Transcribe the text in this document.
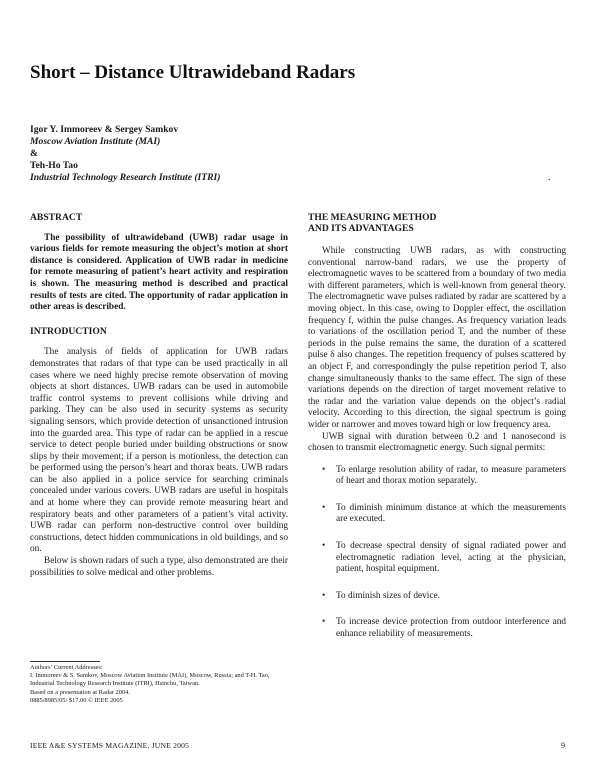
Short – Distance Ultrawideband Radars
Igor Y. Immoreev & Sergey Samkov
Moscow Aviation Institute (MAI)
&
Teh-Ho Tao
Industrial Technology Research Institute (ITRI)	.
ABSTRACT

The possibility of ultrawideband (UWB) radar usage in various fields for remote measuring the object’s motion at short distance is considered. Application of UWB radar in medicine for remote measuring of patient’s heart activity and respiration is shown. The measuring method is described and practical results of tests are cited. The opportunity of radar application in other areas is described.

INTRODUCTION

The analysis of fields of application for UWB radars demonstrates that radars of that type can be used practically in all cases where we need highly precise remote observation of moving objects at short distances. UWB radars can be used in automobile traffic control systems to prevent collisions while driving and parking. They can be also used in security systems as security signaling sensors, which provide detection of unsanctioned intrusion into the guarded area. This type of radar can be applied in a rescue service to detect people buried under building obstructions or snow slips by their movement; if a person is motionless, the detection can be performed using the person’s heart and thorax beats. UWB radars can be also applied in a police service for searching criminals concealed under various covers. UWB radars are useful in hospitals and at home where they can provide remote measuring heart and respiratory beats and other parameters of a patient’s vital activity. UWB radar can perform non-destructive control over building constructions, detect hidden communications in old buildings, and so on.

Below is shown radars of such a type, also demonstrated are their possibilities to solve medical and other problems.

THE MEASURING METHOD
AND ITS ADVANTAGES

While constructing UWB radars, as with constructing conventional narrow-band radars, we use the property of electromagnetic waves to be scattered from a boundary of two media with different parameters, which is well-known from general theory. The electromagnetic wave pulses radiated by radar are scattered by a moving object. In this case, owing to Doppler effect, the oscillation frequency f, within the pulse changes. As frequency variation leads to variations of the oscillation period T, and the number of these periods in the pulse remains the same, the duration of a scattered pulse δ also changes. The repetition frequency of pulses scattered by an object F, and correspondingly the pulse repetition period T, also change simultaneously thanks to the same effect. The sign of these variations depends on the direction of target movement relative to the radar and the variation value depends on the object’s radial velocity. According to this direction, the signal spectrum is going wider or narrower and moves toward high or low frequency area.

UWB signal with duration between 0.2 and 1 nanosecond is chosen to transmit electromagnetic energy. Such signal permits:

• To enlarge resolution ability of radar, to measure parameters of heart and thorax motion separately.
• To diminish minimum distance at which the measurements are executed.
• To decrease spectral density of signal radiated power and electromagnetic radiation level, acting at the physician, patient, hospital equipment.
• To diminish sizes of device.
• To increase device protection from outdoor interference and enhance reliability of measurements.
Authors’ Current Addresses:
I. Immoreev & S. Samkov, Moscow Aviation Institute (MAI), Moscow, Russia; and T-H. Tao, Industrial Technology Research Institute (ITRI), Hsinchu, Taiwan.
Based on a presentation at Radar 2004.
0885/8985/05/ $17.00 © IEEE 2005
IEEE A&E SYSTEMS MAGAZINE, JUNE 2005	9
